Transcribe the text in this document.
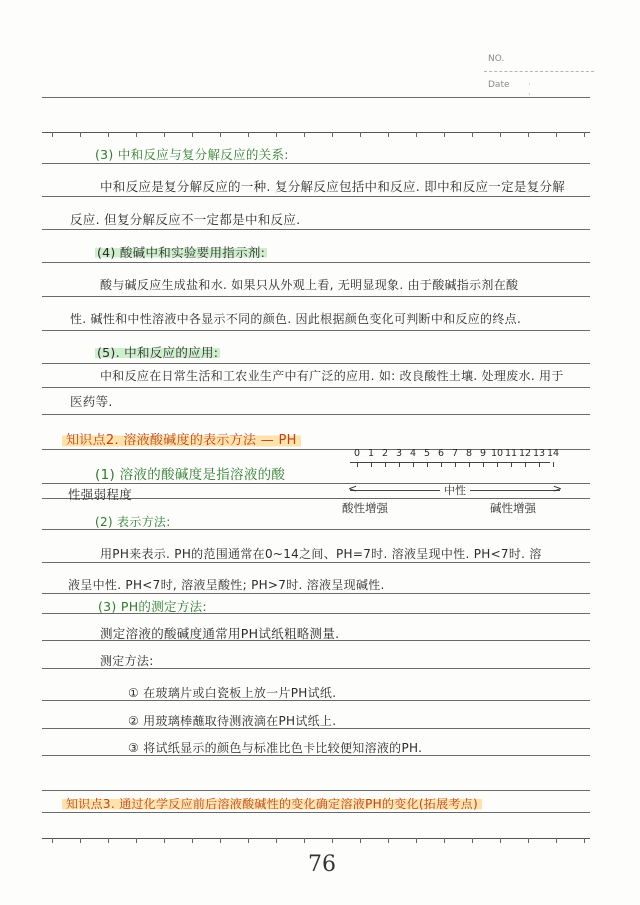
NO.
Date · ·
(3) 中和反应与复分解反应的关系:
中和反应是复分解反应的一种. 复分解反应包括中和反应. 即中和反应一定是复分解
反应. 但复分解反应不一定都是中和反应.
(4) 酸碱中和实验要用指示剂:
酸与碱反应生成盐和水. 如果只从外观上看, 无明显现象. 由于酸碱指示剂在酸
性. 碱性和中性溶液中各显示不同的颜色. 因此根据颜色变化可判断中和反应的终点.
(5). 中和反应的应用:
中和反应在日常生活和工农业生产中有广泛的应用. 如: 改良酸性土壤. 处理废水. 用于
医药等.
知识点2. 溶液酸碱度的表示方法 — PH
(1) 溶液的酸碱度是指溶液的酸
性强弱程度
0 1 2 3 4 5 6 7 8 9 10 11 12 13 14
<
中性
>
酸性增强	碱性增强
(2) 表示方法:
用PH来表示. PH的范围通常在0~14之间、PH=7时. 溶液呈现中性. PH<7时. 溶
液呈中性. PH<7时, 溶液呈酸性; PH>7时. 溶液呈现碱性.
(3) PH的测定方法:
测定溶液的酸碱度通常用PH试纸粗略测量.
测定方法:
① 在玻璃片或白瓷板上放一片PH试纸.
② 用玻璃棒蘸取待测液滴在PH试纸上.
③ 将试纸显示的颜色与标准比色卡比较便知溶液的PH.
知识点3. 通过化学反应前后溶液酸碱性的变化确定溶液PH的变化(拓展考点)
76
